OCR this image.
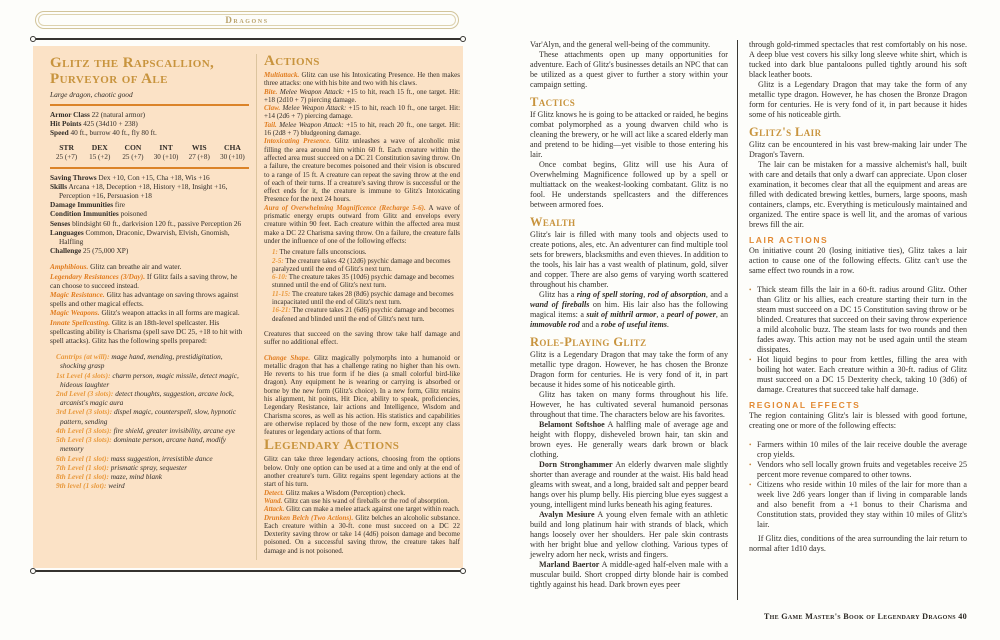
Dragons
Glitz the Rapscallion,
Purveyor of Ale
Large dragon, chaotic good
Armor Class 22 (natural armor)
Hit Points 425 (34d10 + 238)
Speed 40 ft., burrow 40 ft., fly 80 ft.
STR	DEX	CON	INT	WIS	CHA
25 (+7)	15 (+2)	25 (+7)	30 (+10)	27 (+8)	30 (+10)
Saving Throws Dex +10, Con +15, Cha +18, Wis +16
Skills Arcana +18, Deception +18, History +18, Insight +16, Perception +16, Persuasion +18
Damage Immunities fire
Condition Immunities poisoned
Senses blindsight 60 ft., darkvision 120 ft., passive Perception 26
Languages Common, Draconic, Dwarvish, Elvish, Gnomish, Halfling
Challenge 25 (75,000 XP)
Amphibious. Glitz can breathe air and water.
Legendary Resistances (3/Day). If Glitz fails a saving throw, he can choose to succeed instead.
Magic Resistance. Glitz has advantage on saving throws against spells and other magical effects.
Magic Weapons. Glitz's weapon attacks in all forms are magical.
Innate Spellcasting. Glitz is an 18th-level spellcaster. His spellcasting ability is Charisma (spell save DC 25, +18 to hit with spell attacks). Glitz has the following spells prepared:
Cantrips (at will): mage hand, mending, prestidigitation, shocking grasp
1st Level (4 slots): charm person, magic missile, detect magic, hideous laughter
2nd Level (3 slots): detect thoughts, suggestion, arcane lock, arcanist's magic aura
3rd Level (3 slots): dispel magic, counterspell, slow, hypnotic pattern, sending
4th Level (3 slots): fire shield, greater invisibility, arcane eye
5th Level (3 slots): dominate person, arcane hand, modify memory
6th Level (1 slot): mass suggestion, irresistible dance
7th Level (1 slot): prismatic spray, sequester
8th Level (1 slot): maze, mind blank
9th level (1 slot): weird
Actions
Multiattack. Glitz can use his Intoxicating Presence. He then makes three attacks: one with his bite and two with his claws.
Bite. Melee Weapon Attack: +15 to hit, reach 15 ft., one target. Hit: +18 (2d10 + 7) piercing damage.
Claw. Melee Weapon Attack: +15 to hit, reach 10 ft., one target. Hit: +14 (2d6 + 7) piercing damage.
Tail. Melee Weapon Attack: +15 to hit, reach 20 ft., one target. Hit: 16 (2d8 + 7) bludgeoning damage.
Intoxicating Presence. Glitz unleashes a wave of alcoholic mist filling the area around him within 60 ft. Each creature within the affected area must succeed on a DC 21 Constitution saving throw. On a failure, the creature becomes poisoned and their vision is obscured to a range of 15 ft. A creature can repeat the saving throw at the end of each of their turns. If a creature's saving throw is successful or the effect ends for it, the creature is immune to Glitz's Intoxicating Presence for the next 24 hours.
Aura of Overwhelming Magnificence (Recharge 5-6). A wave of prismatic energy erupts outward from Glitz and envelops every creature within 90 feet. Each creature within the affected area must make a DC 22 Charisma saving throw. On a failure, the creature falls under the influence of one of the following effects:
1: The creature falls unconscious.
2-5: The creature takes 42 (12d6) psychic damage and becomes paralyzed until the end of Glitz's next turn.
6-10: The creature takes 35 (10d6) psychic damage and becomes stunned until the end of Glitz's next turn.
11-15: The creature takes 28 (8d6) psychic damage and becomes incapacitated until the end of Glitz's next turn.
16-21: The creature takes 21 (6d6) psychic damage and becomes deafened and blinded until the end of Glitz's next turn.
Creatures that succeed on the saving throw take half damage and suffer no additional effect.
Change Shape. Glitz magically polymorphs into a humanoid or metallic dragon that has a challenge rating no higher than his own. He reverts to his true form if he dies (a small colorful bird-like dragon). Any equipment he is wearing or carrying is absorbed or borne by the new form (Glitz's choice). In a new form, Glitz retains his alignment, hit points, Hit Dice, ability to speak, proficiencies, Legendary Resistance, lair actions and Intelligence, Wisdom and Charisma scores, as well as his action. His statistics and capabilities are otherwise replaced by those of the new form, except any class features or legendary actions of that form.
Legendary Actions
Glitz can take three legendary actions, choosing from the options below. Only one option can be used at a time and only at the end of another creature's turn. Glitz regains spent legendary actions at the start of his turn.
Detect. Glitz makes a Wisdom (Perception) check.
Wand. Glitz can use his wand of fireballs or the rod of absorption.
Attack. Glitz can make a melee attack against one target within reach.
Drunken Belch (Two Actions). Glitz belches an alcoholic substance. Each creature within a 30-ft. cone must succeed on a DC 22 Dexterity saving throw or take 14 (4d6) poison damage and become poisoned. On a successful saving throw, the creature takes half damage and is not poisoned.
Var'Alyn, and the general well-being of the community.
These attachments open up many opportunities for adventure. Each of Glitz's businesses details an NPC that can be utilized as a quest giver to further a story within your campaign setting.
Tactics
If Glitz knows he is going to be attacked or raided, he begins combat polymorphed as a young dwarven child who is cleaning the brewery, or he will act like a scared elderly man and pretend to be hiding—yet visible to those entering his lair.
Once combat begins, Glitz will use his Aura of Overwhelming Magnificence followed up by a spell or multiattack on the weakest-looking combatant. Glitz is no fool. He understands spellcasters and the differences between armored foes.
Wealth
Glitz's lair is filled with many tools and objects used to create potions, ales, etc. An adventurer can find multiple tool sets for brewers, blacksmiths and even thieves. In addition to the tools, his lair has a vast wealth of platinum, gold, silver and copper. There are also gems of varying worth scattered throughout his chamber.
Glitz has a ring of spell storing, rod of absorption, and a wand of fireballs on him. His lair also has the following magical items: a suit of mithril armor, a pearl of power, an immovable rod and a robe of useful items.
Role-Playing Glitz
Glitz is a Legendary Dragon that may take the form of any metallic type dragon. However, he has chosen the Bronze Dragon form for centuries. He is very fond of it, in part because it hides some of his noticeable girth.
Glitz has taken on many forms throughout his life. However, he has cultivated several humanoid personas throughout that time. The characters below are his favorites.
Belamont Softshoe A halfling male of average age and height with floppy, disheveled brown hair, tan skin and brown eyes. He generally wears dark brown or black clothing.
Dorn Stronghammer An elderly dwarven male slightly shorter than average and rounder at the waist. His bald head gleams with sweat, and a long, braided salt and pepper beard hangs over his plump belly. His piercing blue eyes suggest a young, intelligent mind lurks beneath his aging features.
Avalyn Mesiure A young elven female with an athletic build and long platinum hair with strands of black, which hangs loosely over her shoulders. Her pale skin contrasts with her bright blue and yellow clothing. Various types of jewelry adorn her neck, wrists and fingers.
Marland Baertor A middle-aged half-elven male with a muscular build. Short cropped dirty blonde hair is combed tightly against his head. Dark brown eyes peer
through gold-rimmed spectacles that rest comfortably on his nose. A deep blue vest covers his silky long sleeve white shirt, which is tucked into dark blue pantaloons pulled tightly around his soft black leather boots.
Glitz is a Legendary Dragon that may take the form of any metallic type dragon. However, he has chosen the Bronze Dragon form for centuries. He is very fond of it, in part because it hides some of his noticeable girth.
Glitz's Lair
Glitz can be encountered in his vast brew-making lair under The Dragon's Tavern.
The lair can be mistaken for a massive alchemist's hall, built with care and details that only a dwarf can appreciate. Upon closer examination, it becomes clear that all the equipment and areas are filled with dedicated brewing kettles, burners, large spoons, mash containers, clamps, etc. Everything is meticulously maintained and organized. The entire space is well lit, and the aromas of various brews fill the air.
LAIR ACTIONS
On initiative count 20 (losing initiative ties), Glitz takes a lair action to cause one of the following effects. Glitz can't use the same effect two rounds in a row.
• Thick steam fills the lair in a 60-ft. radius around Glitz. Other than Glitz or his allies, each creature starting their turn in the steam must succeed on a DC 15 Constitution saving throw or be blinded. Creatures that succeed on their saving throw experience a mild alcoholic buzz. The steam lasts for two rounds and then fades away. This action may not be used again until the steam dissipates.
• Hot liquid begins to pour from kettles, filling the area with boiling hot water. Each creature within a 30-ft. radius of Glitz must succeed on a DC 15 Dexterity check, taking 10 (3d6) of damage. Creatures that succeed take half damage.
REGIONAL EFFECTS
The region containing Glitz's lair is blessed with good fortune, creating one or more of the following effects:
• Farmers within 10 miles of the lair receive double the average crop yields.
• Vendors who sell locally grown fruits and vegetables receive 25 percent more revenue compared to other towns.
• Citizens who reside within 10 miles of the lair for more than a week live 2d6 years longer than if living in comparable lands and also benefit from a +1 bonus to their Charisma and Constitution stats, provided they stay within 10 miles of Glitz's lair.
If Glitz dies, conditions of the area surrounding the lair return to normal after 1d10 days.
The Game Master's Book of Legendary Dragons 40
